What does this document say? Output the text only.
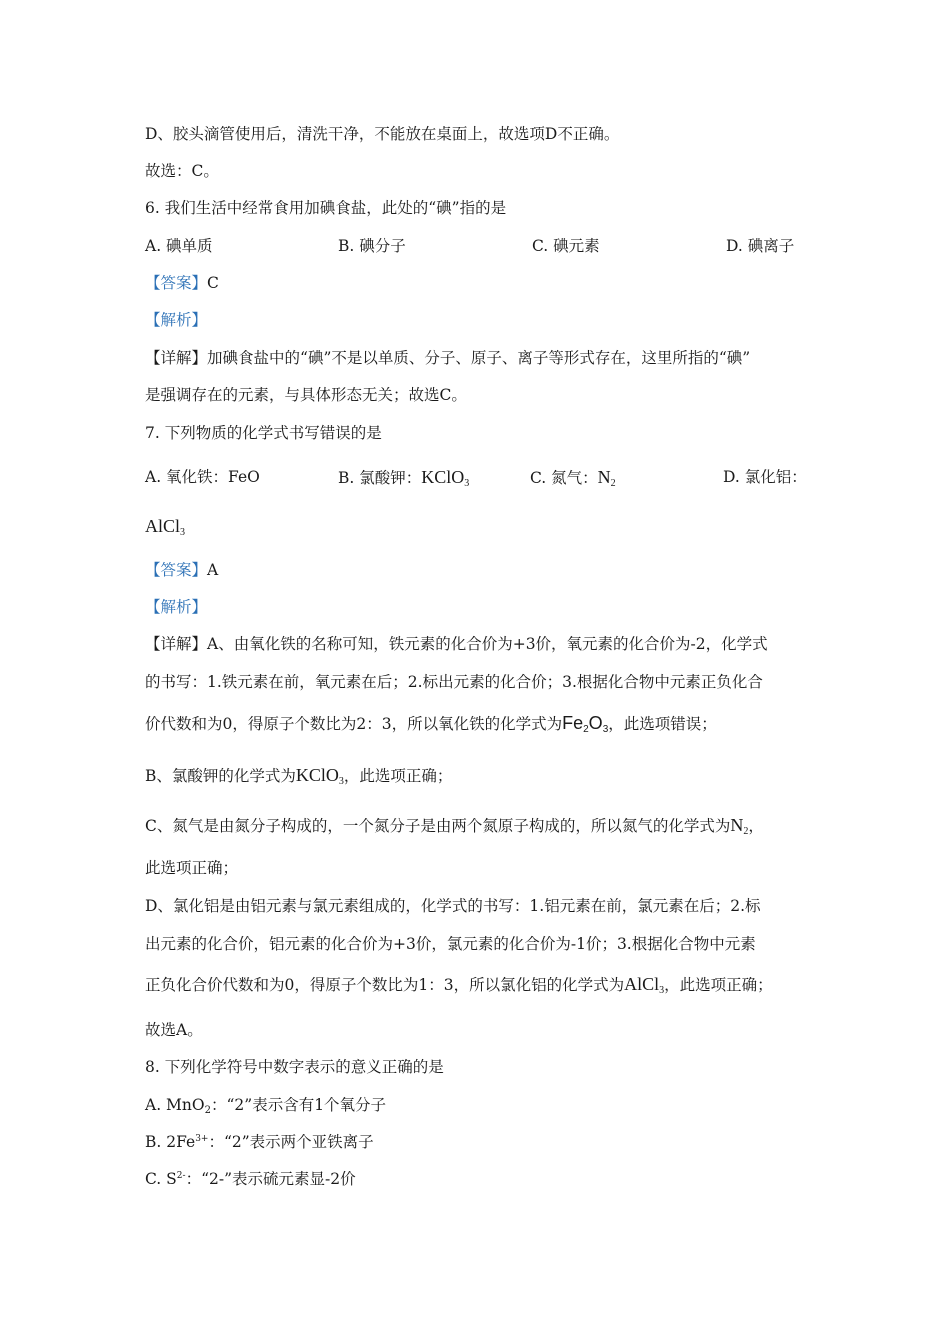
D、胶头滴管使用后，清洗干净，不能放在桌面上，故选项D不正确。
故选：C。
6. 我们生活中经常食用加碘食盐，此处的“碘”指的是
A. 碘单质	B. 碘分子	C. 碘元素	D. 碘离子
【答案】C
【解析】
【详解】加碘食盐中的“碘”不是以单质、分子、原子、离子等形式存在，这里所指的“碘”
是强调存在的元素，与具体形态无关；故选C。
7. 下列物质的化学式书写错误的是
A. 氧化铁：FeO	B. 氯酸钾：KClO$_3$	C. 氮气：$N_2$	D. 氯化铝：
AlCl$_3$
【答案】A
【解析】
【详解】A、由氧化铁的名称可知，铁元素的化合价为+3价，氧元素的化合价为-2，化学式
的书写：1.铁元素在前，氧元素在后；2.标出元素的化合价；3.根据化合物中元素正负化合
价代数和为0，得原子个数比为2：3，所以氧化铁的化学式为$Fe_2O_3$，此选项错误；
B、氯酸钾的化学式为KClO$_3$，此选项正确；
C、氮气是由氮分子构成的，一个氮分子是由两个氮原子构成的，所以氮气的化学式为$N_2$，
此选项正确；
D、氯化铝是由铝元素与氯元素组成的，化学式的书写：1.铝元素在前，氯元素在后；2.标
出元素的化合价，铝元素的化合价为+3价，氯元素的化合价为-1价；3.根据化合物中元素
正负化合价代数和为0，得原子个数比为1：3，所以氯化铝的化学式为AlCl$_3$，此选项正确；
故选A。
8. 下列化学符号中数字表示的意义正确的是
A. MnO$_2$：“2”表示含有1个氧分子
B. $2Fe^{3+}$：“2”表示两个亚铁离子
C. $S^{2-}$：“2-”表示硫元素显-2价
